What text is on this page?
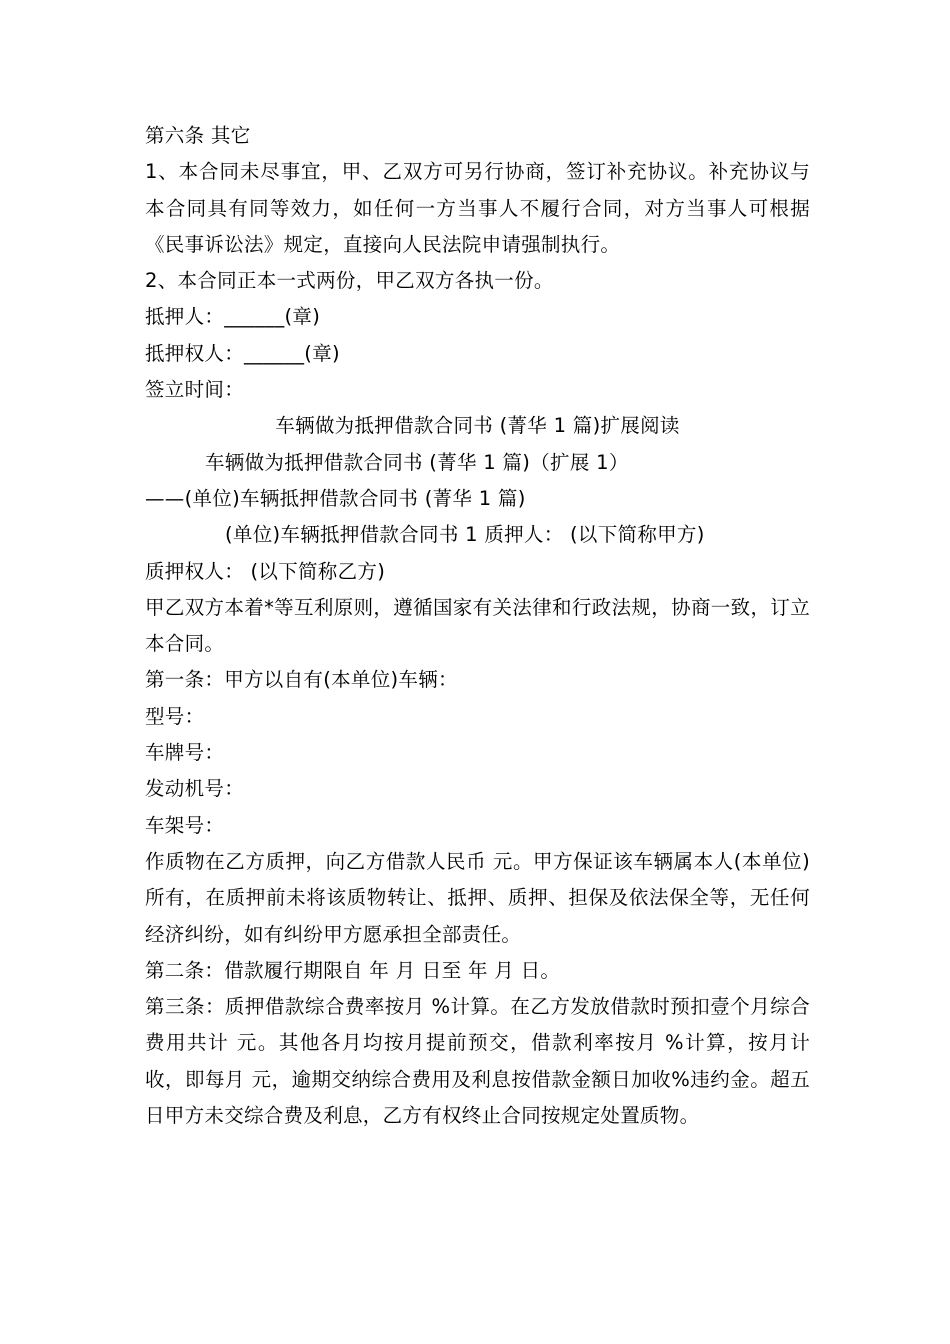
第六条 其它
1、本合同未尽事宜，甲、乙双方可另行协商，签订补充协议。补充协议与本合同具有同等效力，如任何一方当事人不履行合同，对方当事人可根据《民事诉讼法》规定，直接向人民法院申请强制执行。
2、本合同正本一式两份，甲乙双方各执一份。
抵押人：______(章)
抵押权人：______(章)
签立时间：
车辆做为抵押借款合同书 (菁华 1 篇)扩展阅读
车辆做为抵押借款合同书 (菁华 1 篇)（扩展 1）
——(单位)车辆抵押借款合同书 (菁华 1 篇)
(单位)车辆抵押借款合同书 1 质押人： (以下简称甲方)
质押权人： (以下简称乙方)
甲乙双方本着*等互利原则，遵循国家有关法律和行政法规，协商一致，订立本合同。
第一条：甲方以自有(本单位)车辆：
型号：
车牌号：
发动机号：
车架号：
作质物在乙方质押，向乙方借款人民币 元。甲方保证该车辆属本人(本单位)所有，在质押前未将该质物转让、抵押、质押、担保及依法保全等，无任何经济纠纷，如有纠纷甲方愿承担全部责任。
第二条：借款履行期限自 年 月 日至 年 月 日。
第三条：质押借款综合费率按月 %计算。在乙方发放借款时预扣壹个月综合费用共计 元。其他各月均按月提前预交，借款利率按月 %计算，按月计收，即每月 元，逾期交纳综合费用及利息按借款金额日加收%违约金。超五日甲方未交综合费及利息，乙方有权终止合同按规定处置质物。
